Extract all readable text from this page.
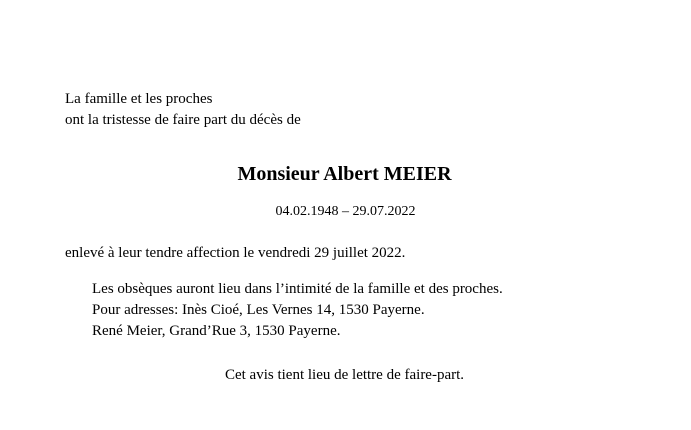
La famille et les proches
ont la tristesse de faire part du décès de
Monsieur Albert MEIER
04.02.1948 – 29.07.2022
enlevé à leur tendre affection le vendredi 29 juillet 2022.
Les obsèques auront lieu dans l’intimité de la famille et des proches.
Pour adresses: Inès Cioé, Les Vernes 14, 1530 Payerne.
René Meier, Grand’Rue 3, 1530 Payerne.
Cet avis tient lieu de lettre de faire-part.
